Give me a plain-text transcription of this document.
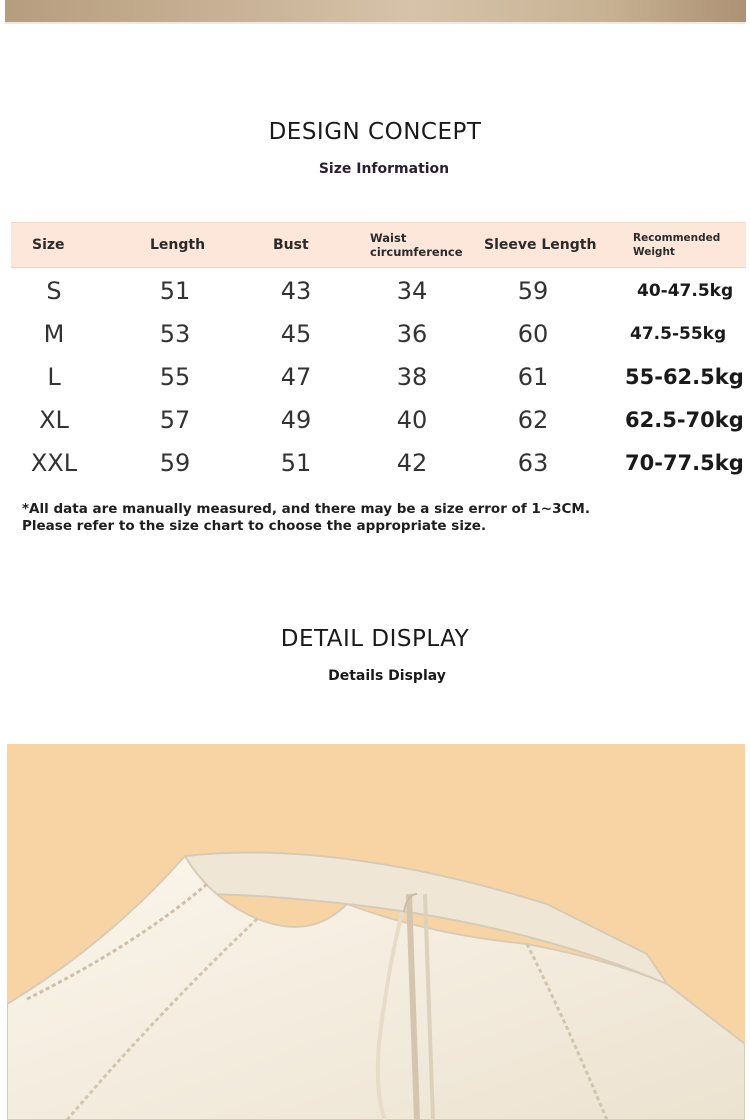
DESIGN CONCEPT
Size Information
Size	Length	Bust	Waist circumference	Sleeve Length	Recommended Weight
S	51	43	34	59	40-47.5kg
M	53	45	36	60	47.5-55kg
L	55	47	38	61	55-62.5kg
XL	57	49	40	62	62.5-70kg
XXL	59	51	42	63	70-77.5kg
*All data are manually measured, and there may be a size error of 1~3CM. Please refer to the size chart to choose the appropriate size.
DETAIL DISPLAY
Details Display
